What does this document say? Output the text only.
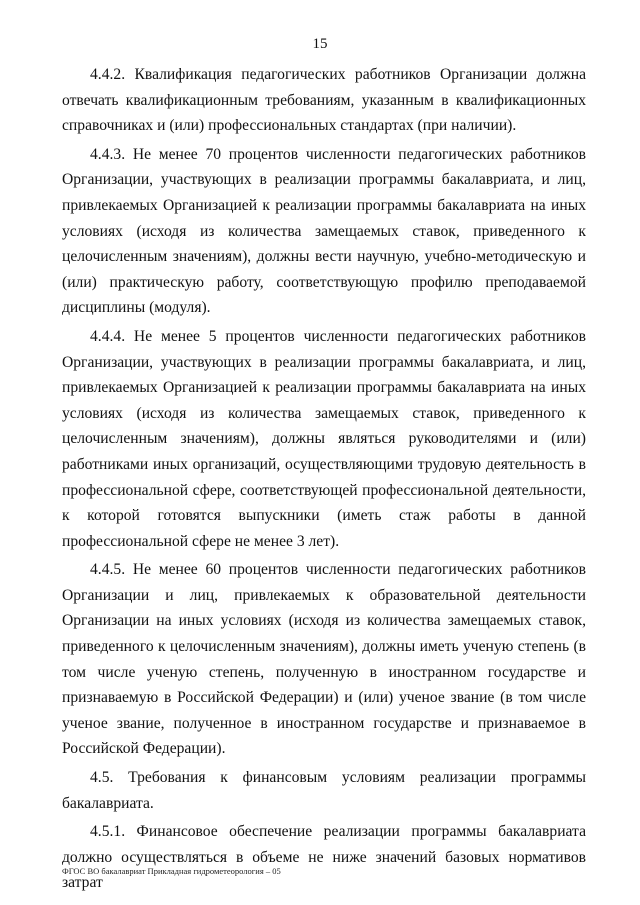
15

4.4.2. Квалификация педагогических работников Организации должна отвечать квалификационным требованиям, указанным в квалификационных справочниках и (или) профессиональных стандартах (при наличии).

4.4.3. Не менее 70 процентов численности педагогических работников Организации, участвующих в реализации программы бакалавриата, и лиц, привлекаемых Организацией к реализации программы бакалавриата на иных условиях (исходя из количества замещаемых ставок, приведенного к целочисленным значениям), должны вести научную, учебно-методическую и (или) практическую работу, соответствующую профилю преподаваемой дисциплины (модуля).

4.4.4. Не менее 5 процентов численности педагогических работников Организации, участвующих в реализации программы бакалавриата, и лиц, привлекаемых Организацией к реализации программы бакалавриата на иных условиях (исходя из количества замещаемых ставок, приведенного к целочисленным значениям), должны являться руководителями и (или) работниками иных организаций, осуществляющими трудовую деятельность в профессиональной сфере, соответствующей профессиональной деятельности, к которой готовятся выпускники (иметь стаж работы в данной профессиональной сфере не менее 3 лет).

4.4.5. Не менее 60 процентов численности педагогических работников Организации и лиц, привлекаемых к образовательной деятельности Организации на иных условиях (исходя из количества замещаемых ставок, приведенного к целочисленным значениям), должны иметь ученую степень (в том числе ученую степень, полученную в иностранном государстве и признаваемую в Российской Федерации) и (или) ученое звание (в том числе ученое звание, полученное в иностранном государстве и признаваемое в Российской Федерации).

4.5. Требования к финансовым условиям реализации программы бакалавриата.

4.5.1. Финансовое обеспечение реализации программы бакалавриата должно осуществляться в объеме не ниже значений базовых нормативов затрат

ФГОС ВО бакалавриат Прикладная гидрометеорология – 05
